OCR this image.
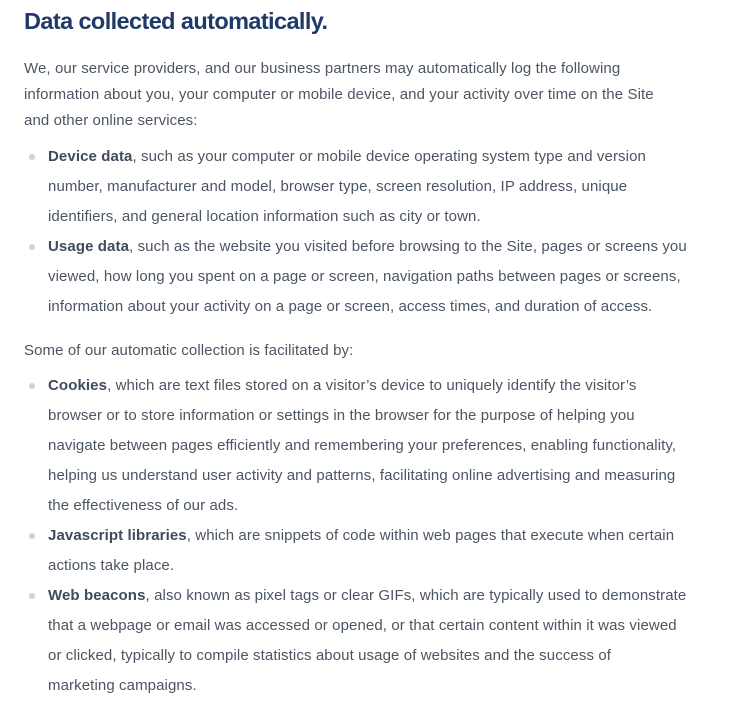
Data collected automatically.

We, our service providers, and our business partners may automatically log the following
information about you, your computer or mobile device, and your activity over time on the Site
and other online services:

Device data, such as your computer or mobile device operating system type and version
number, manufacturer and model, browser type, screen resolution, IP address, unique
identifiers, and general location information such as city or town.
Usage data, such as the website you visited before browsing to the Site, pages or screens you
viewed, how long you spent on a page or screen, navigation paths between pages or screens,
information about your activity on a page or screen, access times, and duration of access.

Some of our automatic collection is facilitated by:

Cookies, which are text files stored on a visitor’s device to uniquely identify the visitor’s
browser or to store information or settings in the browser for the purpose of helping you
navigate between pages efficiently and remembering your preferences, enabling functionality,
helping us understand user activity and patterns, facilitating online advertising and measuring
the effectiveness of our ads.
Javascript libraries, which are snippets of code within web pages that execute when certain
actions take place.
Web beacons, also known as pixel tags or clear GIFs, which are typically used to demonstrate
that a webpage or email was accessed or opened, or that certain content within it was viewed
or clicked, typically to compile statistics about usage of websites and the success of
marketing campaigns.
